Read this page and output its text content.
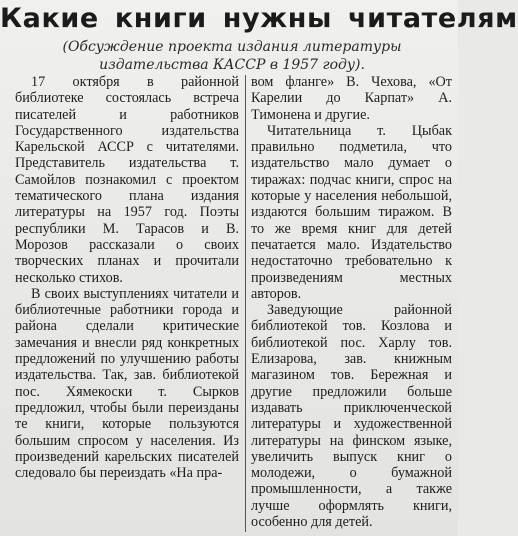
Какие книги нужны читателям
(Обсуждение проекта издания литературы издательства КАССР в 1957 году).

17 октября в районной библиотеке состоялась встреча писателей и работников Государственного издательства Карельской АССР с читателями. Представитель издательства т. Самойлов познакомил с проектом тематического плана издания литературы на 1957 год. Поэты республики М. Тарасов и В. Морозов рассказали о своих творческих планах и прочитали несколько стихов.

В своих выступлениях читатели и библиотечные работники города и района сделали критические замечания и внесли ряд конкретных предложений по улучшению работы издательства. Так, зав. библиотекой пос. Хямекоски т. Сырков предложил, чтобы были переизданы те книги, которые пользуются большим спросом у населения. Из произведений карельских писателей следовало бы переиздать «На пра-

вом фланге» В. Чехова, «От Карелии до Карпат» А. Тимонена и другие.

Читательница т. Цыбак правильно подметила, что издательство мало думает о тиражах: подчас книги, спрос на которые у населения небольшой, издаются большим тиражом. В то же время книг для детей печатается мало. Издательство недостаточно требовательно к произведениям местных авторов.

Заведующие районной библиотекой тов. Козлова и библиотекой пос. Харлу тов. Елизарова, зав. книжным магазином тов. Бережная и другие предложили больше издавать приключенческой литературы и художественной литературы на финском языке, увеличить выпуск книг о молодежи, о бумажной промышленности, а также лучше оформлять книги, особенно для детей.
